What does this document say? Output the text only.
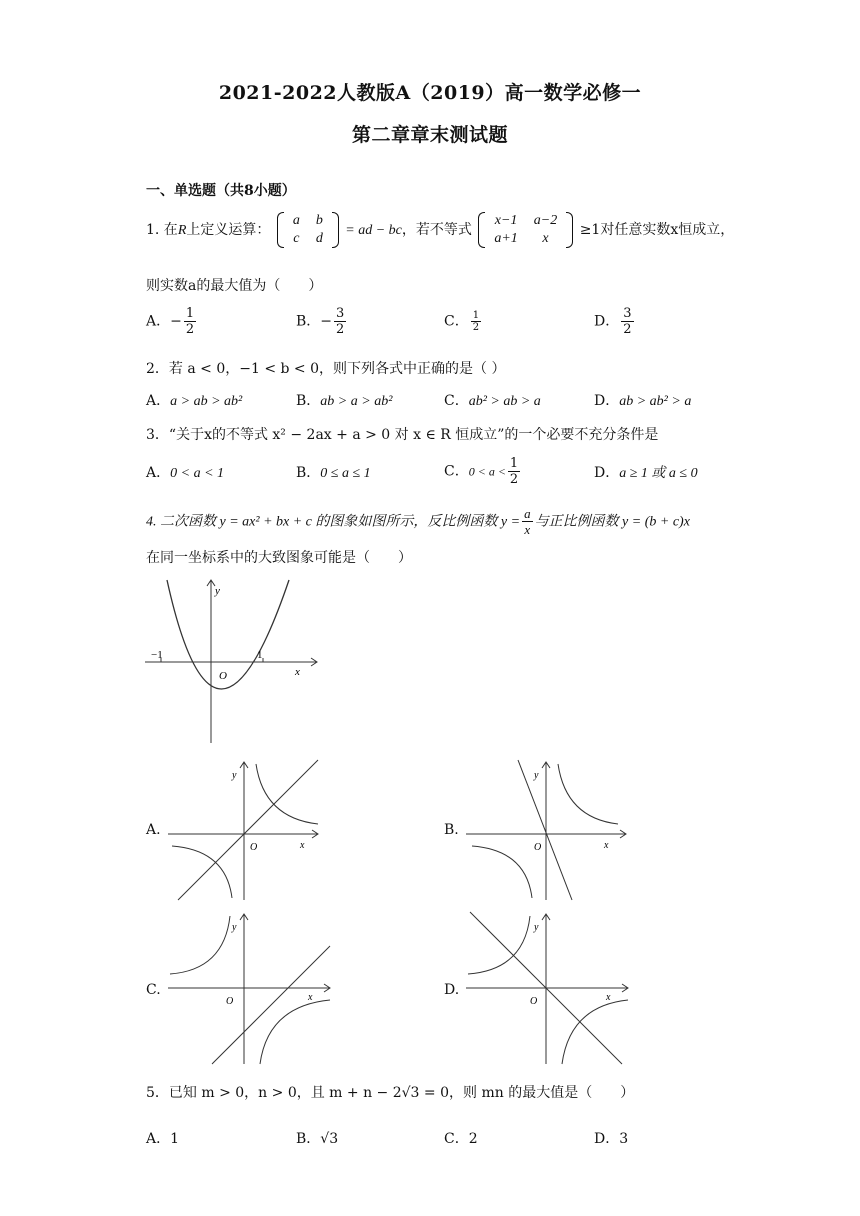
2021-2022人教版A（2019）高一数学必修一
第二章章末测试题
一、单选题（共8小题）
1. 在R上定义运算：
a	b
c	d
= ad − bc，若不等式
x−1	a−2
a+1	x
≥1对任意实数x恒成立，
则实数a的最大值为（　　）
A．− $\frac{1}{2}$	B．− $\frac{3}{2}$	C． $\frac{1}{2}$	D． $\frac{3}{2}$
2．若 a < 0，−1 < b < 0，则下列各式中正确的是（ ）
A．a > ab > ab²	B．ab > a > ab²	C．ab² > ab > a	D．ab > ab² > a
3．“关于x的不等式 x² − 2ax + a > 0 对 x ∈ R 恒成立”的一个必要不充分条件是
A．0 < a < 1	B．0 ≤ a ≤ 1	C．$0 < a < \frac{1}{2}$	D．a ≥ 1 或 a ≤ 0
4. 二次函数 y = ax² + bx + c 的图象如图所示，反比例函数 $y = \frac{a}{x}$ 与正比例函数 y = (b + c)x
在同一坐标系中的大致图象可能是（　　）
y
x
O
−1	1
A.
y
x
O
B.
y
x
O
C.
y
x
O
D.
y
x
O
5．已知 m > 0，n > 0，且 m + n − 2√3 = 0，则 mn 的最大值是（　　）
A．1	B．√3	C．2	D．3
